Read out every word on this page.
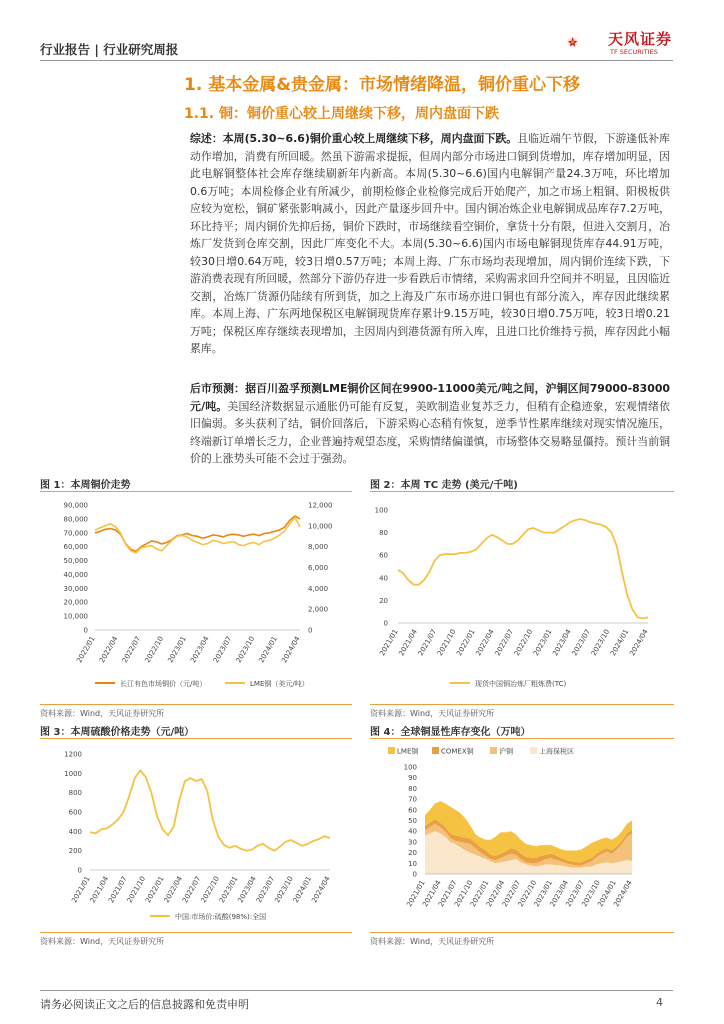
行业报告 | 行业研究周报
天风证券
TF SECURITIES
1. 基本金属&贵金属：市场情绪降温，铜价重心下移
1.1. 铜：铜价重心较上周继续下移，周内盘面下跌
综述：本周(5.30~6.6)铜价重心较上周继续下移，周内盘面下跌。且临近端午节假，下游逢低补库动作增加，消费有所回暖。然虽下游需求提振，但周内部分市场进口铜到货增加，库存增加明显，因此电解铜整体社会库存继续刷新年内新高。本周(5.30~6.6)国内电解铜产量24.3万吨，环比增加0.6万吨；本周检修企业有所减少，前期检修企业检修完成后开始爬产，加之市场上粗铜、阳极板供应较为宽松，铜矿紧张影响减小，因此产量逐步回升中。国内铜冶炼企业电解铜成品库存7.2万吨，环比持平；周内铜价先抑后扬，铜价下跌时，市场继续看空铜价，拿货十分有限，但进入交割月，冶炼厂发货到仓库交割，因此厂库变化不大。本周(5.30~6.6)国内市场电解铜现货库存44.91万吨，较30日增0.64万吨，较3日增0.57万吨；本周上海、广东市场均表现增加，周内铜价连续下跌，下游消费表现有所回暖，然部分下游仍存进一步看跌后市情绪，采购需求回升空间并不明显，且因临近交割，冶炼厂货源仍陆续有所到货，加之上海及广东市场亦进口铜也有部分流入，库存因此继续累库。本周上海、广东两地保税区电解铜现货库存累计9.15万吨，较30日增0.75万吨，较3日增0.21万吨；保税区库存继续表现增加，主因周内到港货源有所入库，且进口比价维持亏损，库存因此小幅累库。
后市预测：据百川盈孚预测LME铜价区间在9900-11000美元/吨之间，沪铜区间79000-83000元/吨。美国经济数据显示通胀仍可能有反复，美欧制造业复苏乏力，但稍有企稳迹象，宏观情绪依旧偏弱。多头获利了结，铜价回落后，下游采购心态稍有恢复，逆季节性累库继续对现实情况施压，终端新订单增长乏力，企业普遍持观望态度，采购情绪偏谨慎，市场整体交易略显僵持。预计当前铜价的上涨势头可能不会过于强劲。
图 1：本周铜价走势
0
10,000
20,000
30,000
40,000
50,000
60,000
70,000
80,000
90,000
0
2,000
4,000
6,000
8,000
10,000
12,000
2022/01 2022/04 2022/07 2022/10 2023/01 2023/04 2023/07 2023/10 2024/01 2024/04
长江有色市场铜价（元/吨）	LME铜（美元/吨）
资料来源：Wind，天风证券研究所
图 2：本周 TC 走势 (美元/千吨)
0
20
40
60
80
100
2021/01
2021/04
2021/07
2021/10
2022/01
2022/04
2022/07
2022/10
2023/01
2023/04
2023/07
2023/10
2024/01
2024/04
现货中国铜冶炼厂粗炼费(TC)
资料来源：Wind，天风证券研究所
图 3：本周硫酸价格走势（元/吨）
0
200
400
600
800
1000
1200
2021/01
2021/04
2021/07
2021/10
2022/01
2022/04
2022/07
2022/10
2023/01
2023/04
2023/07
2023/10
2024/01
2024/04
中国:市场价:硫酸(98%):全国
资料来源：Wind，天风证券研究所
图 4：全球铜显性库存变化（万吨）
0
10
20
30
40
50
60
70
80
90
100
2021/01
2021/04
2021/07
2021/10
2022/01
2022/04
2022/07
2022/10
2023/01
2023/04
2023/07
2023/10
2024/01
2024/04
LME铜	COMEX铜	沪铜	上海保税区
资料来源：Wind，天风证券研究所
请务必阅读正文之后的信息披露和免责申明	4
